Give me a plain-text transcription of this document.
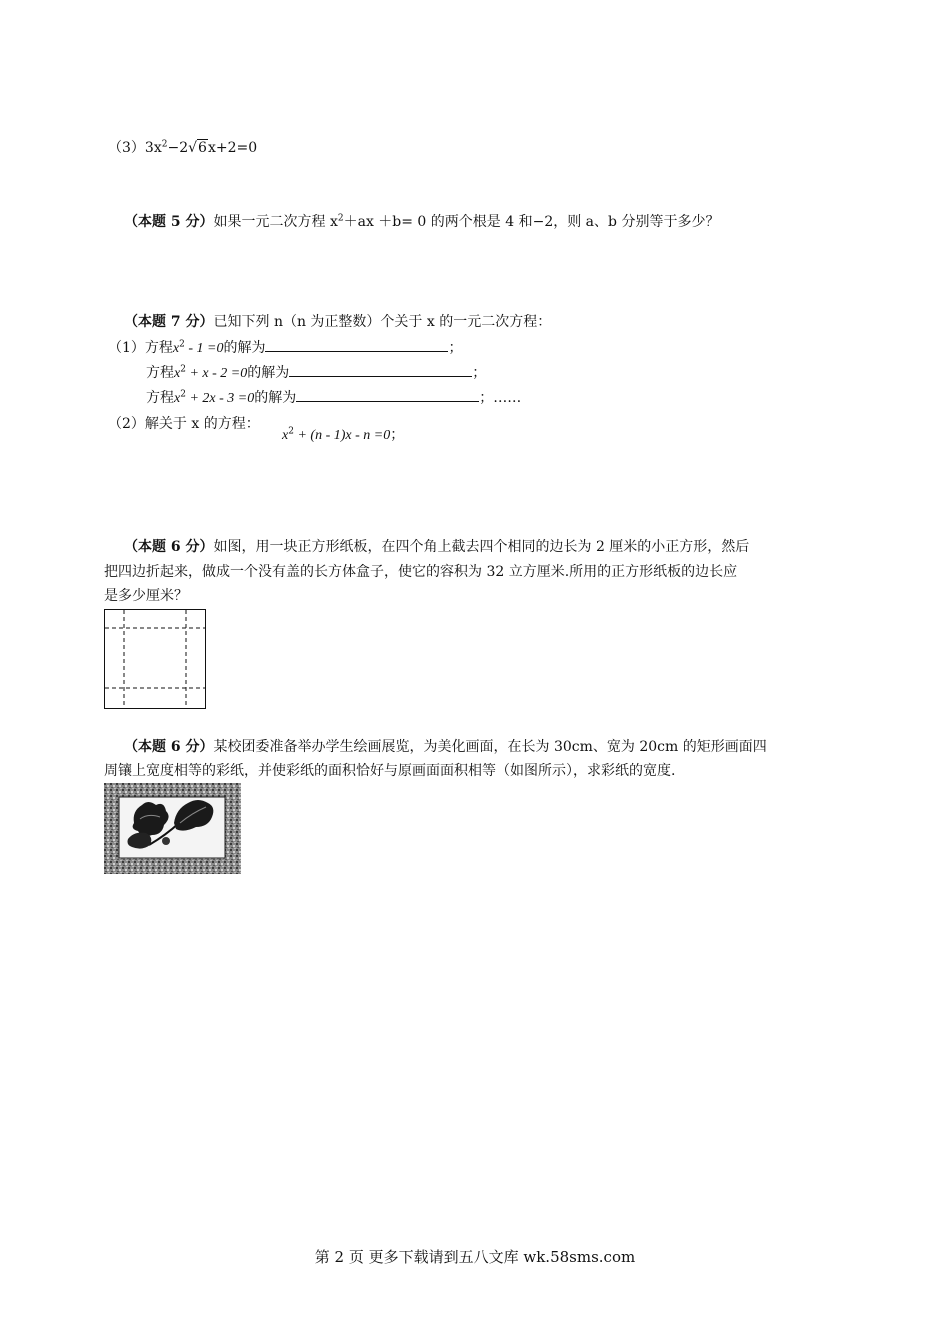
$(3)3x^2-2√6x+2=0$
（本题 5 分）如果一元二次方程 $x^2+ax +b= 0$ 的两个根是 4 和−2，则 a、b 分别等于多少？
（本题 7 分）已知下列 n（n 为正整数）个关于 x 的一元二次方程：
（1）方程$x^2 - 1 =0$的解为	；
方程$x^2 + x - 2 =0$的解为	；
方程$x^2 + 2x - 3 =0$的解为	；……
（2）解关于 x 的方程：
$x^2 + (n - 1)x - n =0$；
（本题 6 分）如图，用一块正方形纸板，在四个角上截去四个相同的边长为 2 厘米的小正方形，然后
把四边折起来，做成一个没有盖的长方体盒子，使它的容积为 32 立方厘米.所用的正方形纸板的边长应
是多少厘米？
（本题 6 分）某校团委准备举办学生绘画展览，为美化画面，在长为 30cm、宽为 20cm 的矩形画面四
周镶上宽度相等的彩纸，并使彩纸的面积恰好与原画面面积相等（如图所示），求彩纸的宽度.
第 2 页 更多下载请到五八文库 wk.58sms.com
